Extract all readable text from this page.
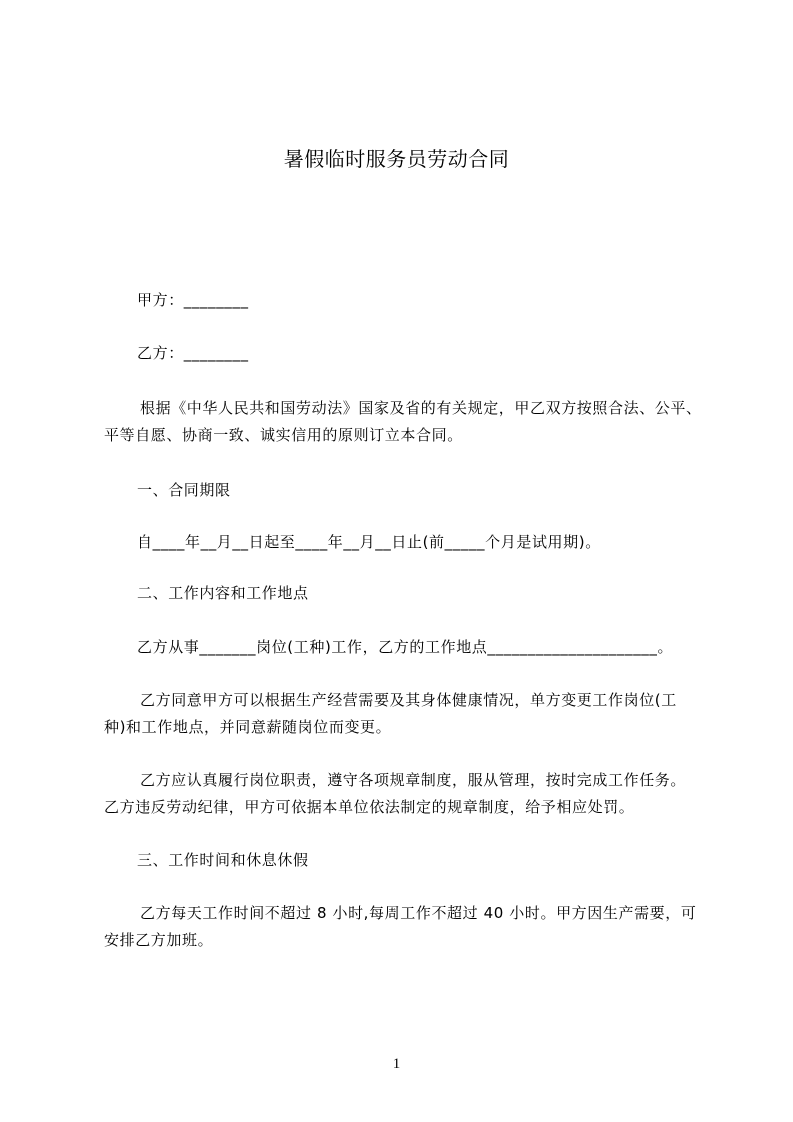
暑假临时服务员劳动合同
甲方：________
乙方：________
根据《中华人民共和国劳动法》国家及省的有关规定，甲乙双方按照合法、公平、
平等自愿、协商一致、诚实信用的原则订立本合同。
一、合同期限
自____年__月__日起至____年__月__日止(前_____个月是试用期)。
二、工作内容和工作地点
乙方从事_______岗位(工种)工作，乙方的工作地点_____________________。
乙方同意甲方可以根据生产经营需要及其身体健康情况，单方变更工作岗位(工
种)和工作地点，并同意薪随岗位而变更。
乙方应认真履行岗位职责，遵守各项规章制度，服从管理，按时完成工作任务。
乙方违反劳动纪律，甲方可依据本单位依法制定的规章制度，给予相应处罚。
三、工作时间和休息休假
乙方每天工作时间不超过 8 小时,每周工作不超过 40 小时。甲方因生产需要，可
安排乙方加班。
1
